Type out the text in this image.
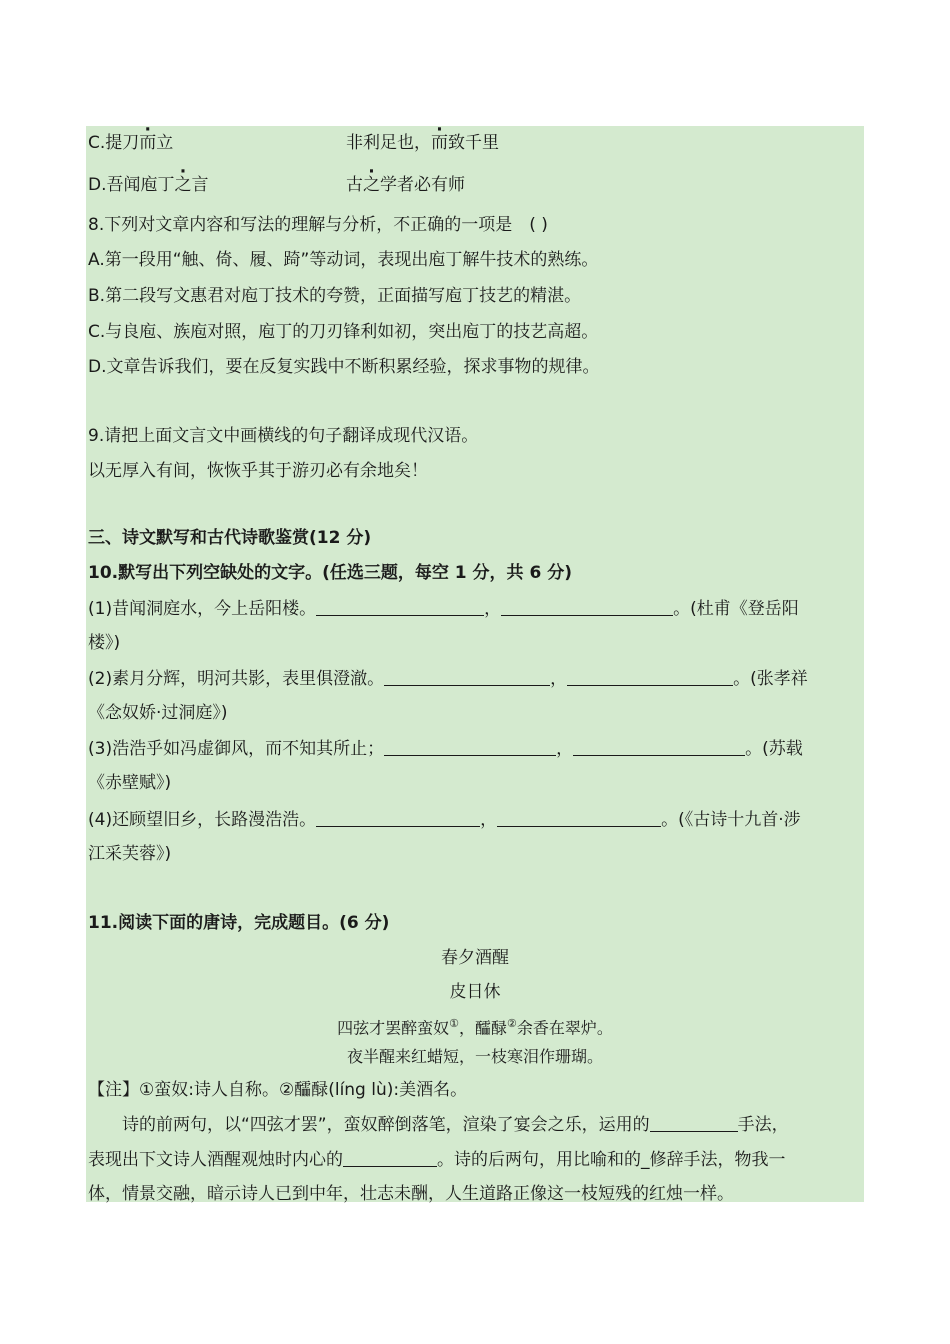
C.提刀而立	非利足也，而致千里
D.吾闻庖丁之言	古之学者必有师
8.下列对文章内容和写法的理解与分析，不正确的一项是　( )
A.第一段用“触、倚、履、踦”等动词，表现出庖丁解牛技术的熟练。
B.第二段写文惠君对庖丁技术的夸赞，正面描写庖丁技艺的精湛。
C.与良庖、族庖对照，庖丁的刀刃锋利如初，突出庖丁的技艺高超。
D.文章告诉我们，要在反复实践中不断积累经验，探求事物的规律。
9.请把上面文言文中画横线的句子翻译成现代汉语。
以无厚入有间，恢恢乎其于游刃必有余地矣！
三、诗文默写和古代诗歌鉴赏(12 分)
10.默写出下列空缺处的文字。(任选三题，每空 1 分，共 6 分)
(1)昔闻洞庭水，今上岳阳楼。	，	。(杜甫《登岳阳
楼》)
(2)素月分辉，明河共影，表里俱澄澈。	，	。(张孝祥
《念奴娇·过洞庭》)
(3)浩浩乎如冯虚御风，而不知其所止；	，	。(苏载
《赤壁赋》)
(4)还顾望旧乡，长路漫浩浩。	，	。(《古诗十九首·涉
江采芙蓉》)
11.阅读下面的唐诗，完成题目。(6 分)
春夕酒醒
皮日休
四弦才罢醉蛮奴①，醽醁②余香在翠炉。
夜半醒来红蜡短，一枝寒泪作珊瑚。
【注】①蛮奴:诗人自称。②醽醁(líng lù):美酒名。
诗的前两句，以“四弦才罢”，蛮奴醉倒落笔，渲染了宴会之乐，运用的	手法，
表现出下文诗人酒醒观烛时内心的	。诗的后两句，用比喻和的_修辞手法，物我一
体，情景交融，暗示诗人已到中年，壮志未酬，人生道路正像这一枝短残的红烛一样。
